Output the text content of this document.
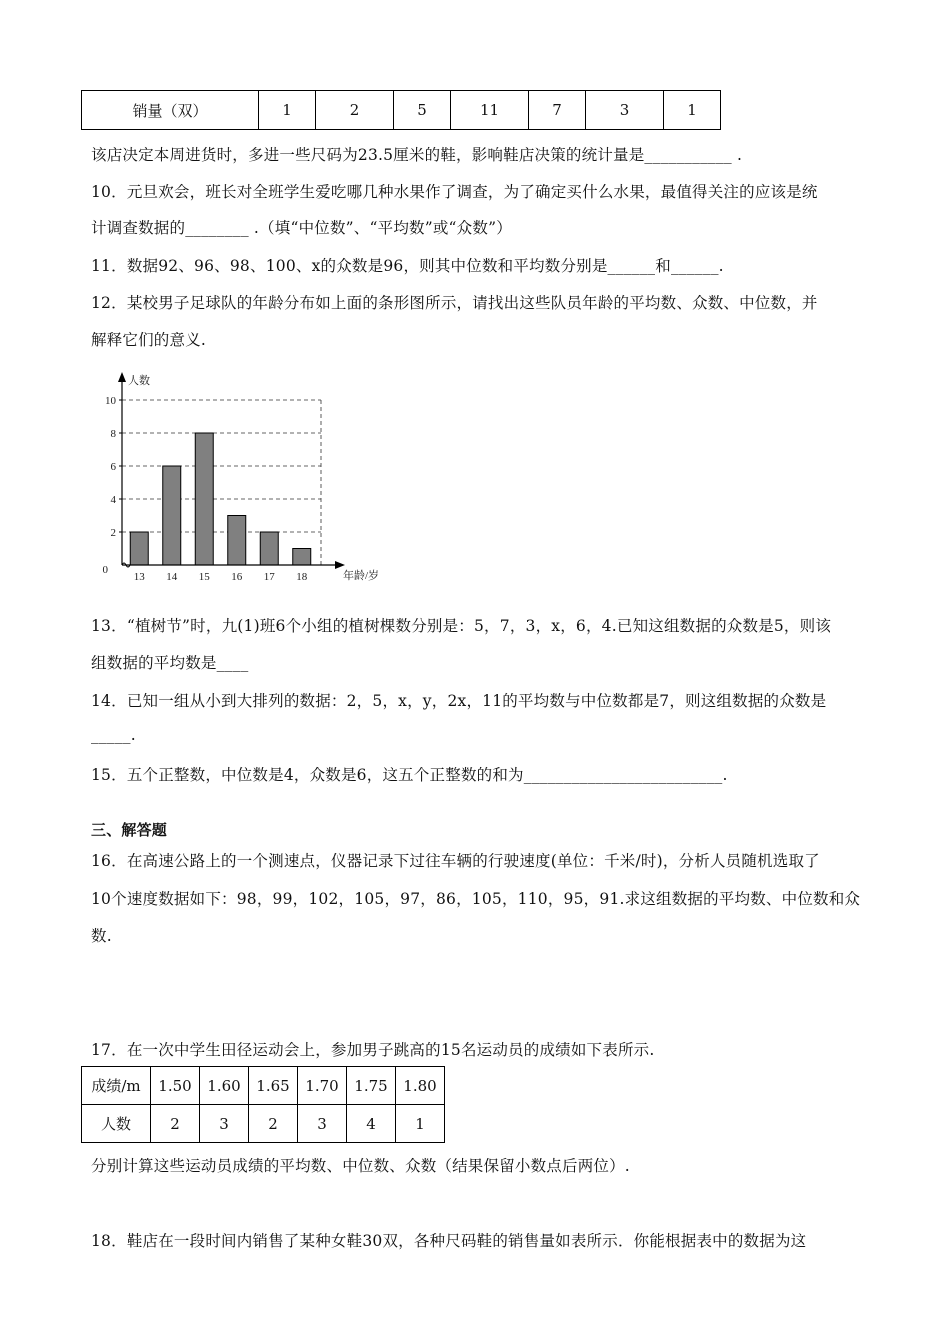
销量（双）	1	2	5	11	7	3	1
该店决定本周进货时，多进一些尺码为23.5厘米的鞋，影响鞋店决策的统计量是___________ .
10．元旦欢会，班长对全班学生爱吃哪几种水果作了调查，为了确定买什么水果，最值得关注的应该是统
计调查数据的________ .（填“中位数”、“平均数”或“众数”）
11．数据92、96、98、100、x的众数是96，则其中位数和平均数分别是______和______.
12．某校男子足球队的年龄分布如上面的条形图所示，请找出这些队员年龄的平均数、众数、中位数，并
解释它们的意义.
2
4
6
8
10
13 14 15 16 17 18
人数
0	年龄/岁
13．“植树节”时，九(1)班6个小组的植树棵数分别是：5，7，3，x，6，4.已知这组数据的众数是5，则该
组数据的平均数是____
14．已知一组从小到大排列的数据：2，5，x，y，2x，11的平均数与中位数都是7，则这组数据的众数是
_____.
15．五个正整数，中位数是4，众数是6，这五个正整数的和为_________________________.
三、解答题
16．在高速公路上的一个测速点，仪器记录下过往车辆的行驶速度(单位：千米/时)，分析人员随机选取了
10个速度数据如下：98，99，102，105，97，86，105，110，95，91.求这组数据的平均数、中位数和众
数.
17．在一次中学生田径运动会上，参加男子跳高的15名运动员的成绩如下表所示.
成绩/m	1.50	1.60	1.65	1.70	1.75	1.80
人数	2	3	2	3	4	1
分别计算这些运动员成绩的平均数、中位数、众数（结果保留小数点后两位）.
18．鞋店在一段时间内销售了某种女鞋30双，各种尺码鞋的销售量如表所示．你能根据表中的数据为这
